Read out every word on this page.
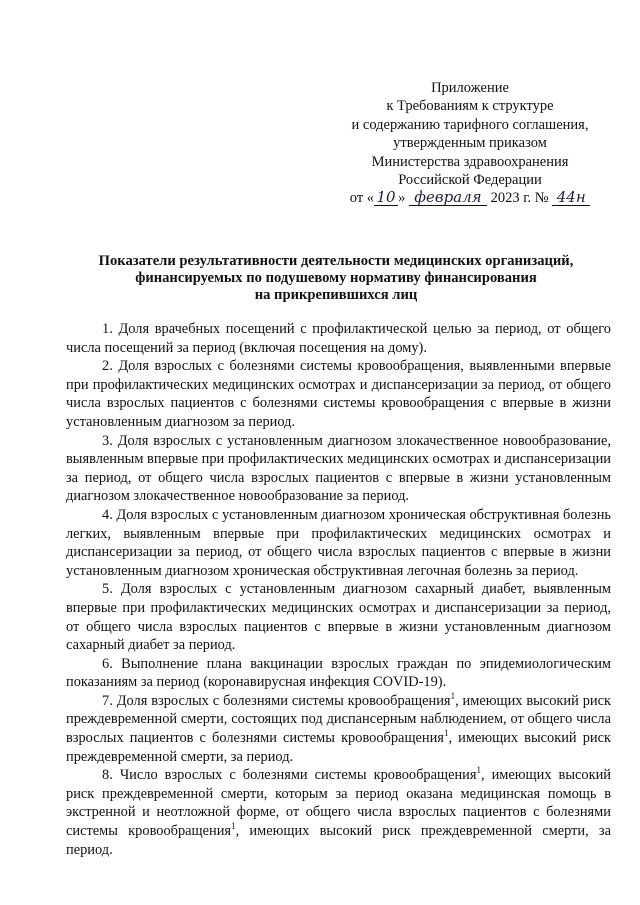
Приложение
к Требованиям к структуре
и содержанию тарифного соглашения,
утвержденным приказом
Министерства здравоохранения
Российской Федерации
от « 10 » февраля 2023 г. № 44н
Показатели результативности деятельности медицинских организаций,
финансируемых по подушевому нормативу финансирования
на прикрепившихся лиц

1. Доля врачебных посещений с профилактической целью за период, от общего числа посещений за период (включая посещения на дому).

2. Доля взрослых с болезнями системы кровообращения, выявленными впервые при профилактических медицинских осмотрах и диспансеризации за период, от общего числа взрослых пациентов с болезнями системы кровообращения с впервые в жизни установленным диагнозом за период.

3. Доля взрослых с установленным диагнозом злокачественное новообразование, выявленным впервые при профилактических медицинских осмотрах и диспансеризации за период, от общего числа взрослых пациентов с впервые в жизни установленным диагнозом злокачественное новообразование за период.

4. Доля взрослых с установленным диагнозом хроническая обструктивная болезнь легких, выявленным впервые при профилактических медицинских осмотрах и диспансеризации за период, от общего числа взрослых пациентов с впервые в жизни установленным диагнозом хроническая обструктивная легочная болезнь за период.

5. Доля взрослых с установленным диагнозом сахарный диабет, выявленным впервые при профилактических медицинских осмотрах и диспансеризации за период, от общего числа взрослых пациентов с впервые в жизни установленным диагнозом сахарный диабет за период.

6. Выполнение плана вакцинации взрослых граждан по эпидемиологическим показаниям за период (коронавирусная инфекция COVID-19).

7. Доля взрослых с болезнями системы кровообращения$^1$, имеющих высокий риск преждевременной смерти, состоящих под диспансерным наблюдением, от общего числа взрослых пациентов с болезнями системы кровообращения$^1$, имеющих высокий риск преждевременной смерти, за период.

8. Число взрослых с болезнями системы кровообращения$^1$, имеющих высокий риск преждевременной смерти, которым за период оказана медицинская помощь в экстренной и неотложной форме, от общего числа взрослых пациентов с болезнями системы кровообращения$^1$, имеющих высокий риск преждевременной смерти, за период.
